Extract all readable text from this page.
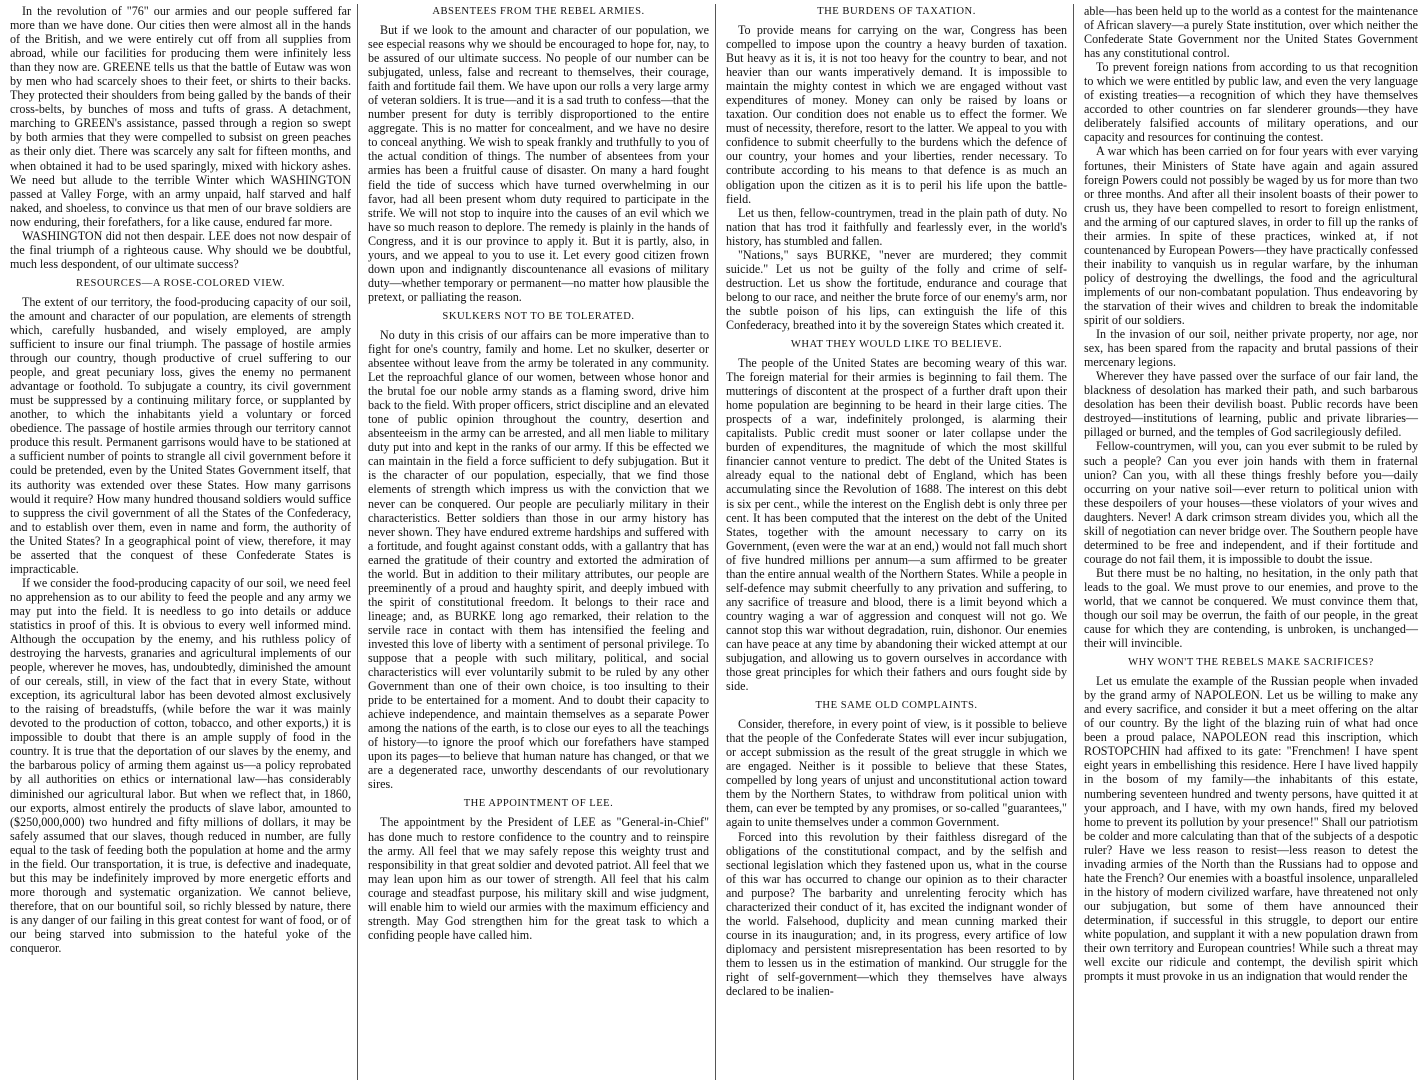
In the revolution of "76" our armies and our people suffered far more than we have done. Our cities then were almost all in the hands of the British, and we were entirely cut off from all supplies from abroad, while our facilities for producing them were infinitely less than they now are. GREENE tells us that the battle of Eutaw was won by men who had scarcely shoes to their feet, or shirts to their backs. They protected their shoulders from being galled by the bands of their cross-belts, by bunches of moss and tufts of grass. A detachment, marching to GREEN's assistance, passed through a region so swept by both armies that they were compelled to subsist on green peaches as their only diet. There was scarcely any salt for fifteen months, and when obtained it had to be used sparingly, mixed with hickory ashes. We need but allude to the terrible Winter which WASHINGTON passed at Valley Forge, with an army unpaid, half starved and half naked, and shoeless, to convince us that men of our brave soldiers are now enduring, their forefathers, for a like cause, endured far more.

WASHINGTON did not then despair. LEE does not now despair of the final triumph of a righteous cause. Why should we be doubtful, much less despondent, of our ultimate success?

RESOURCES—A ROSE-COLORED VIEW.

The extent of our territory, the food-producing capacity of our soil, the amount and character of our population, are elements of strength which, carefully husbanded, and wisely employed, are amply sufficient to insure our final triumph. The passage of hostile armies through our country, though productive of cruel suffering to our people, and great pecuniary loss, gives the enemy no permanent advantage or foothold. To subjugate a country, its civil government must be suppressed by a continuing military force, or supplanted by another, to which the inhabitants yield a voluntary or forced obedience. The passage of hostile armies through our territory cannot produce this result. Permanent garrisons would have to be stationed at a sufficient number of points to strangle all civil government before it could be pretended, even by the United States Government itself, that its authority was extended over these States. How many garrisons would it require? How many hundred thousand soldiers would suffice to suppress the civil government of all the States of the Confederacy, and to establish over them, even in name and form, the authority of the United States? In a geographical point of view, therefore, it may be asserted that the conquest of these Confederate States is impracticable.

If we consider the food-producing capacity of our soil, we need feel no apprehension as to our ability to feed the people and any army we may put into the field. It is needless to go into details or adduce statistics in proof of this. It is obvious to every well informed mind. Although the occupation by the enemy, and his ruthless policy of destroying the harvests, granaries and agricultural implements of our people, wherever he moves, has, undoubtedly, diminished the amount of our cereals, still, in view of the fact that in every State, without exception, its agricultural labor has been devoted almost exclusively to the raising of breadstuffs, (while before the war it was mainly devoted to the production of cotton, tobacco, and other exports,) it is impossible to doubt that there is an ample supply of food in the country. It is true that the deportation of our slaves by the enemy, and the barbarous policy of arming them against us—a policy reprobated by all authorities on ethics or international law—has considerably diminished our agricultural labor. But when we reflect that, in 1860, our exports, almost entirely the products of slave labor, amounted to ($250,000,000) two hundred and fifty millions of dollars, it may be safely assumed that our slaves, though reduced in number, are fully equal to the task of feeding both the population at home and the army in the field. Our transportation, it is true, is defective and inadequate, but this may be indefinitely improved by more energetic efforts and more thorough and systematic organization. We cannot believe, therefore, that on our bountiful soil, so richly blessed by nature, there is any danger of our failing in this great contest for want of food, or of our being starved into submission to the hateful yoke of the conqueror.

ABSENTEES FROM THE REBEL ARMIES.

But if we look to the amount and character of our population, we see especial reasons why we should be encouraged to hope for, nay, to be assured of our ultimate success. No people of our number can be subjugated, unless, false and recreant to themselves, their courage, faith and fortitude fail them. We have upon our rolls a very large army of veteran soldiers. It is true—and it is a sad truth to confess—that the number present for duty is terribly disproportioned to the entire aggregate. This is no matter for concealment, and we have no desire to conceal anything. We wish to speak frankly and truthfully to you of the actual condition of things. The number of absentees from your armies has been a fruitful cause of disaster. On many a hard fought field the tide of success which have turned overwhelming in our favor, had all been present whom duty required to participate in the strife. We will not stop to inquire into the causes of an evil which we have so much reason to deplore. The remedy is plainly in the hands of Congress, and it is our province to apply it. But it is partly, also, in yours, and we appeal to you to use it. Let every good citizen frown down upon and indignantly discountenance all evasions of military duty—whether temporary or permanent—no matter how plausible the pretext, or palliating the reason.

SKULKERS NOT TO BE TOLERATED.

No duty in this crisis of our affairs can be more imperative than to fight for one's country, family and home. Let no skulker, deserter or absentee without leave from the army be tolerated in any community. Let the reproachful glance of our women, between whose honor and the brutal foe our noble army stands as a flaming sword, drive him back to the field. With proper officers, strict discipline and an elevated tone of public opinion throughout the country, desertion and absenteeism in the army can be arrested, and all men liable to military duty put into and kept in the ranks of our army. If this be effected we can maintain in the field a force sufficient to defy subjugation. But it is the character of our population, especially, that we find those elements of strength which impress us with the conviction that we never can be conquered. Our people are peculiarly military in their characteristics. Better soldiers than those in our army history has never shown. They have endured extreme hardships and suffered with a fortitude, and fought against constant odds, with a gallantry that has earned the gratitude of their country and extorted the admiration of the world. But in addition to their military attributes, our people are preeminently of a proud and haughty spirit, and deeply imbued with the spirit of constitutional freedom. It belongs to their race and lineage; and, as BURKE long ago remarked, their relation to the servile race in contact with them has intensified the feeling and invested this love of liberty with a sentiment of personal privilege. To suppose that a people with such military, political, and social characteristics will ever voluntarily submit to be ruled by any other Government than one of their own choice, is too insulting to their pride to be entertained for a moment. And to doubt their capacity to achieve independence, and maintain themselves as a separate Power among the nations of the earth, is to close our eyes to all the teachings of history—to ignore the proof which our forefathers have stamped upon its pages—to believe that human nature has changed, or that we are a degenerated race, unworthy descendants of our revolutionary sires.

THE APPOINTMENT OF LEE.

The appointment by the President of LEE as "General-in-Chief" has done much to restore confidence to the country and to reinspire the army. All feel that we may safely repose this weighty trust and responsibility in that great soldier and devoted patriot. All feel that we may lean upon him as our tower of strength. All feel that his calm courage and steadfast purpose, his military skill and wise judgment, will enable him to wield our armies with the maximum efficiency and strength. May God strengthen him for the great task to which a confiding people have called him.

THE BURDENS OF TAXATION.

To provide means for carrying on the war, Congress has been compelled to impose upon the country a heavy burden of taxation. But heavy as it is, it is not too heavy for the country to bear, and not heavier than our wants imperatively demand. It is impossible to maintain the mighty contest in which we are engaged without vast expenditures of money. Money can only be raised by loans or taxation. Our condition does not enable us to effect the former. We must of necessity, therefore, resort to the latter. We appeal to you with confidence to submit cheerfully to the burdens which the defence of our country, your homes and your liberties, render necessary. To contribute according to his means to that defence is as much an obligation upon the citizen as it is to peril his life upon the battle-field.

Let us then, fellow-countrymen, tread in the plain path of duty. No nation that has trod it faithfully and fearlessly ever, in the world's history, has stumbled and fallen.

"Nations," says BURKE, "never are murdered; they commit suicide." Let us not be guilty of the folly and crime of self-destruction. Let us show the fortitude, endurance and courage that belong to our race, and neither the brute force of our enemy's arm, nor the subtle poison of his lips, can extinguish the life of this Confederacy, breathed into it by the sovereign States which created it.

WHAT THEY WOULD LIKE TO BELIEVE.

The people of the United States are becoming weary of this war. The foreign material for their armies is beginning to fail them. The mutterings of discontent at the prospect of a further draft upon their home population are beginning to be heard in their large cities. The prospects of a war, indefinitely prolonged, is alarming their capitalists. Public credit must sooner or later collapse under the burden of expenditures, the magnitude of which the most skillful financier cannot venture to predict. The debt of the United States is already equal to the national debt of England, which has been accumulating since the Revolution of 1688. The interest on this debt is six per cent., while the interest on the English debt is only three per cent. It has been computed that the interest on the debt of the United States, together with the amount necessary to carry on its Government, (even were the war at an end,) would not fall much short of five hundred millions per annum—a sum affirmed to be greater than the entire annual wealth of the Northern States. While a people in self-defence may submit cheerfully to any privation and suffering, to any sacrifice of treasure and blood, there is a limit beyond which a country waging a war of aggression and conquest will not go. We cannot stop this war without degradation, ruin, dishonor. Our enemies can have peace at any time by abandoning their wicked attempt at our subjugation, and allowing us to govern ourselves in accordance with those great principles for which their fathers and ours fought side by side.

THE SAME OLD COMPLAINTS.

Consider, therefore, in every point of view, is it possible to believe that the people of the Confederate States will ever incur subjugation, or accept submission as the result of the great struggle in which we are engaged. Neither is it possible to believe that these States, compelled by long years of unjust and unconstitutional action toward them by the Northern States, to withdraw from political union with them, can ever be tempted by any promises, or so-called "guarantees," again to unite themselves under a common Government.

Forced into this revolution by their faithless disregard of the obligations of the constitutional compact, and by the selfish and sectional legislation which they fastened upon us, what in the course of this war has occurred to change our opinion as to their character and purpose? The barbarity and unrelenting ferocity which has characterized their conduct of it, has excited the indignant wonder of the world. Falsehood, duplicity and mean cunning marked their course in its inauguration; and, in its progress, every artifice of low diplomacy and persistent misrepresentation has been resorted to by them to lessen us in the estimation of mankind. Our struggle for the right of self-government—which they themselves have always declared to be inalien-

able—has been held up to the world as a contest for the maintenance of African slavery—a purely State institution, over which neither the Confederate State Government nor the United States Government has any constitutional control.

To prevent foreign nations from according to us that recognition to which we were entitled by public law, and even the very language of existing treaties—a recognition of which they have themselves accorded to other countries on far slenderer grounds—they have deliberately falsified accounts of military operations, and our capacity and resources for continuing the contest.

A war which has been carried on for four years with ever varying fortunes, their Ministers of State have again and again assured foreign Powers could not possibly be waged by us for more than two or three months. And after all their insolent boasts of their power to crush us, they have been compelled to resort to foreign enlistment, and the arming of our captured slaves, in order to fill up the ranks of their armies. In spite of these practices, winked at, if not countenanced by European Powers—they have practically confessed their inability to vanquish us in regular warfare, by the inhuman policy of destroying the dwellings, the food and the agricultural implements of our non-combatant population. Thus endeavoring by the starvation of their wives and children to break the indomitable spirit of our soldiers.

In the invasion of our soil, neither private property, nor age, nor sex, has been spared from the rapacity and brutal passions of their mercenary legions.

Wherever they have passed over the surface of our fair land, the blackness of desolation has marked their path, and such barbarous desolation has been their devilish boast. Public records have been destroyed—institutions of learning, public and private libraries—pillaged or burned, and the temples of God sacrilegiously defiled.

Fellow-countrymen, will you, can you ever submit to be ruled by such a people? Can you ever join hands with them in fraternal union? Can you, with all these things freshly before you—daily occurring on your native soil—ever return to political union with these despoilers of your houses—these violators of your wives and daughters. Never! A dark crimson stream divides you, which all the skill of negotiation can never bridge over. The Southern people have determined to be free and independent, and if their fortitude and courage do not fail them, it is impossible to doubt the issue.

But there must be no halting, no hesitation, in the only path that leads to the goal. We must prove to our enemies, and prove to the world, that we cannot be conquered. We must convince them that, though our soil may be overrun, the faith of our people, in the great cause for which they are contending, is unbroken, is unchanged—their will invincible.

WHY WON'T THE REBELS MAKE SACRIFICES?

Let us emulate the example of the Russian people when invaded by the grand army of NAPOLEON. Let us be willing to make any and every sacrifice, and consider it but a meet offering on the altar of our country. By the light of the blazing ruin of what had once been a proud palace, NAPOLEON read this inscription, which ROSTOPCHIN had affixed to its gate: "Frenchmen! I have spent eight years in embellishing this residence. Here I have lived happily in the bosom of my family—the inhabitants of this estate, numbering seventeen hundred and twenty persons, have quitted it at your approach, and I have, with my own hands, fired my beloved home to prevent its pollution by your presence!" Shall our patriotism be colder and more calculating than that of the subjects of a despotic ruler? Have we less reason to resist—less reason to detest the invading armies of the North than the Russians had to oppose and hate the French? Our enemies with a boastful insolence, unparalleled in the history of modern civilized warfare, have threatened not only our subjugation, but some of them have announced their determination, if successful in this struggle, to deport our entire white population, and supplant it with a new population drawn from their own territory and European countries! While such a threat may well excite our ridicule and contempt, the devilish spirit which prompts it must provoke in us an indignation that would render the
